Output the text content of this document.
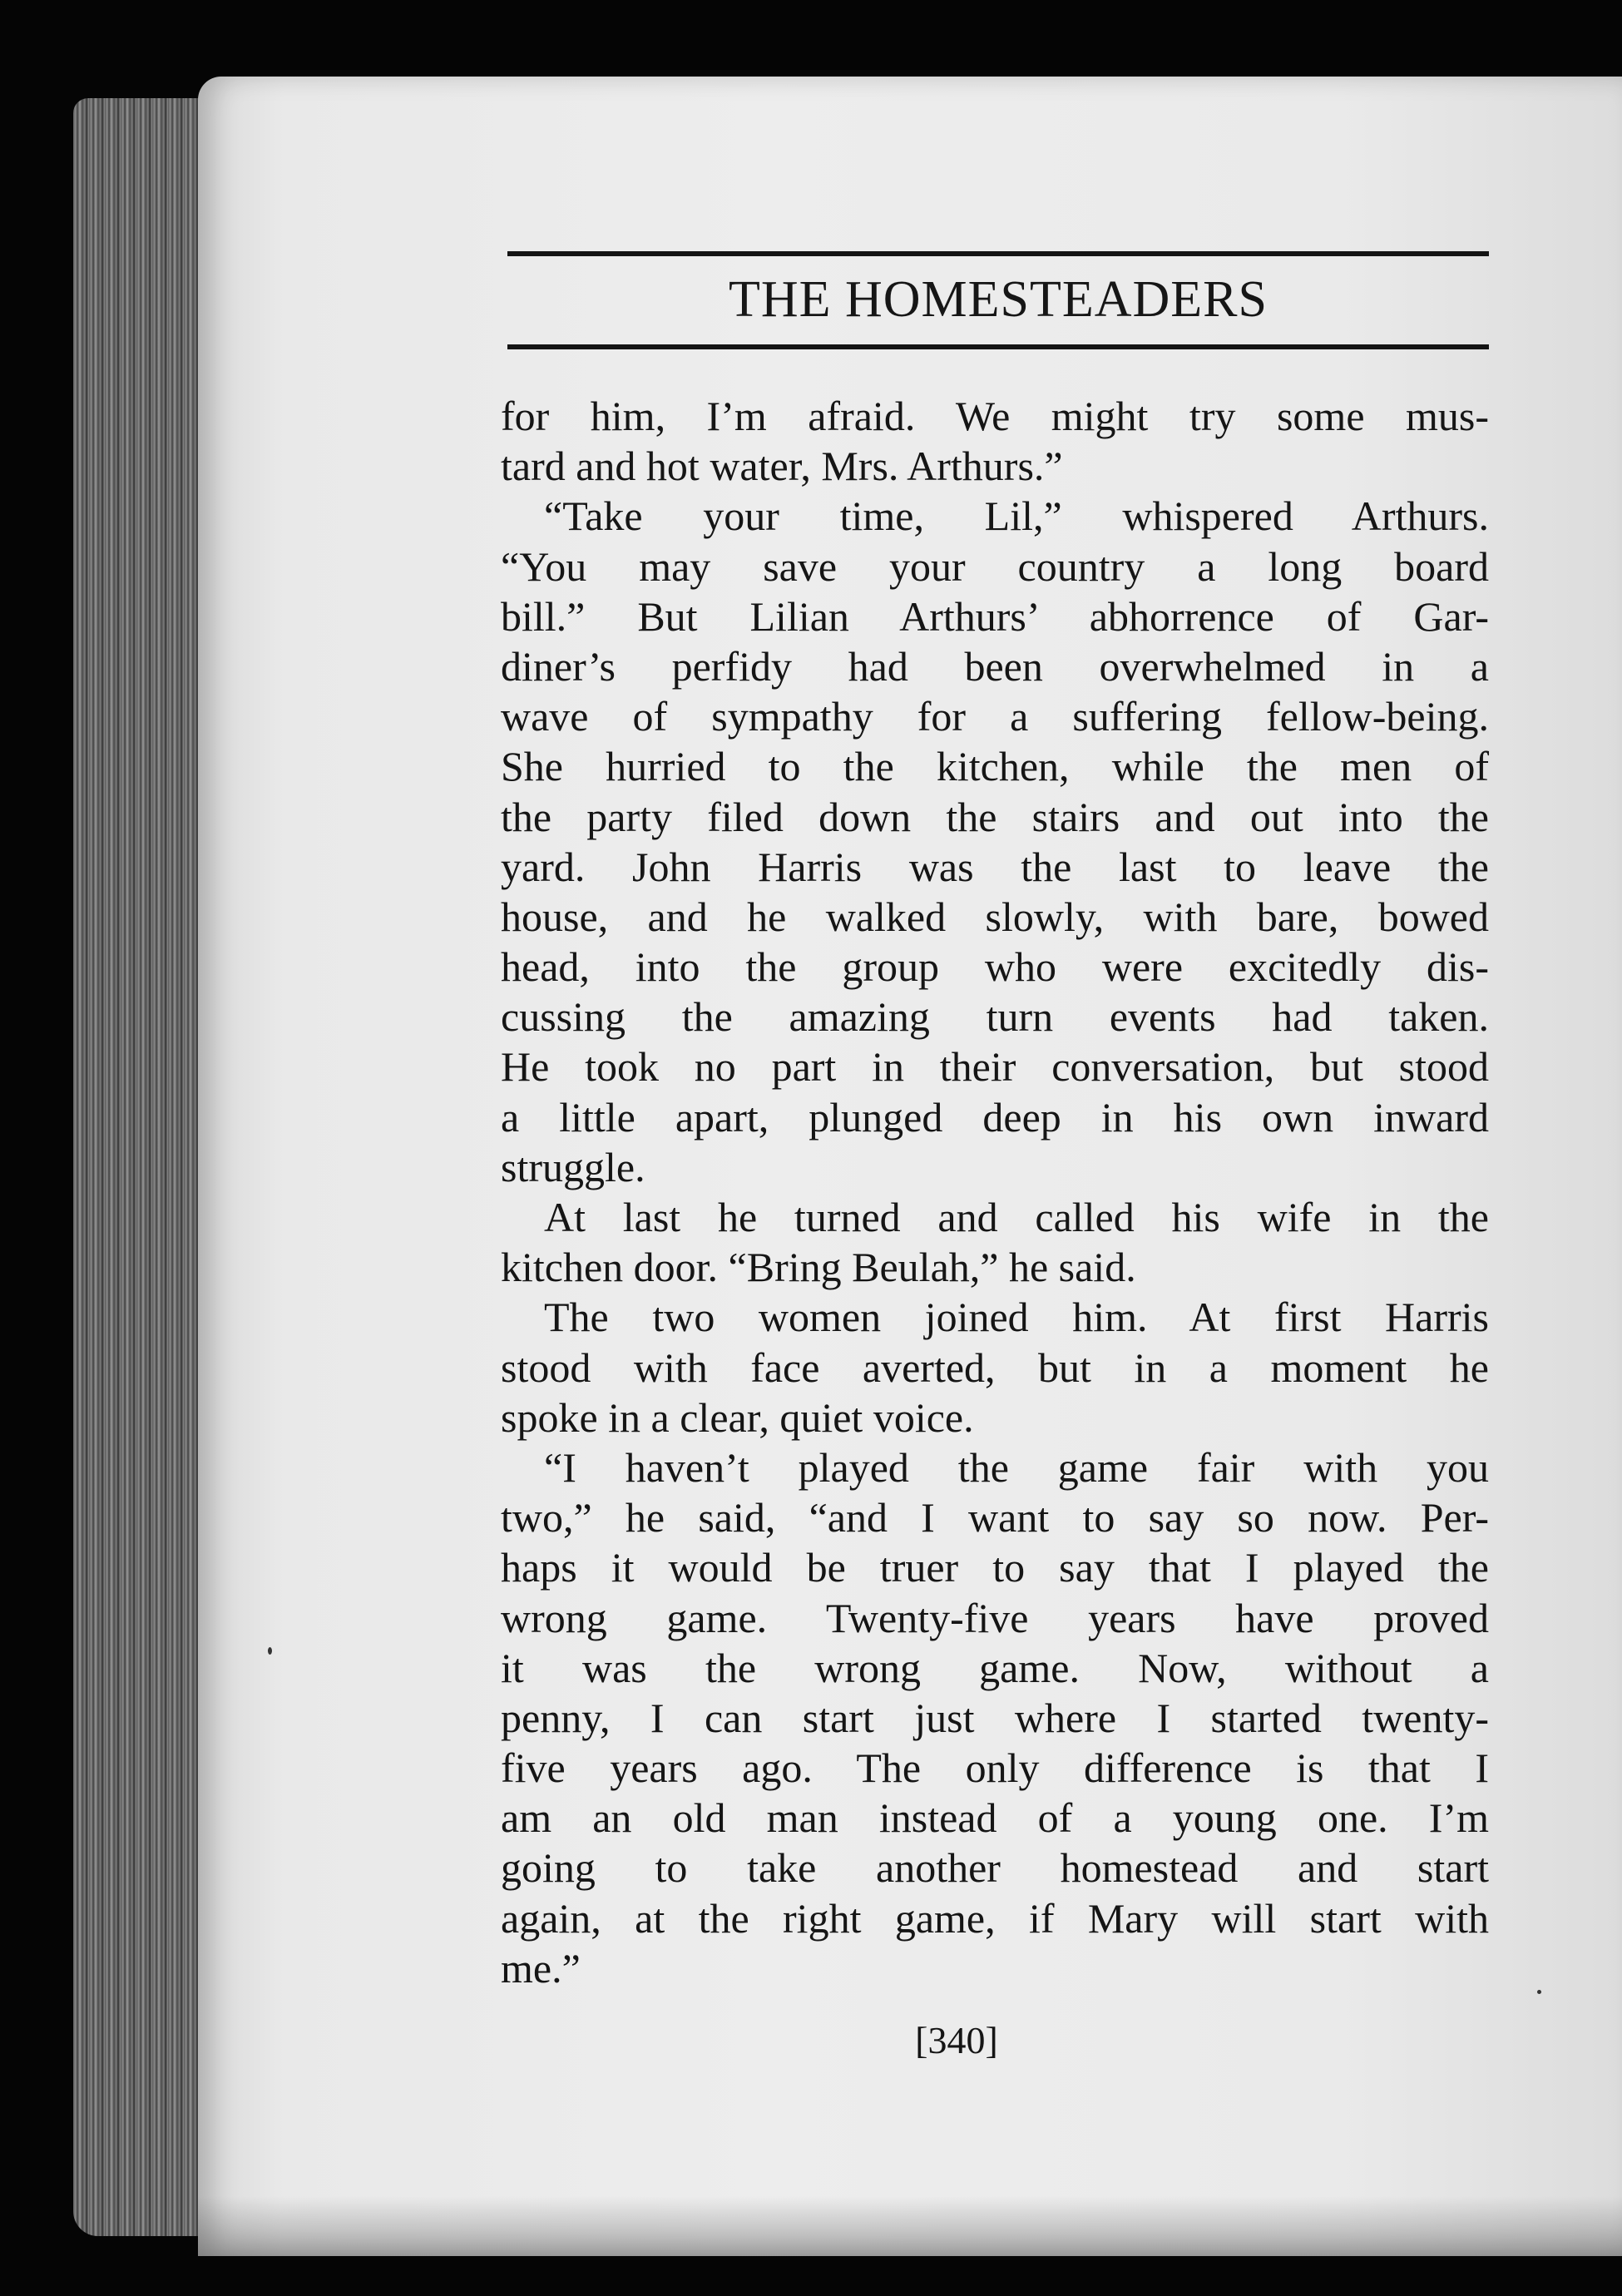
THE HOMESTEADERS
for him, I’m afraid. We might try some mus-
tard and hot water, Mrs. Arthurs.”
“Take your time, Lil,” whispered Arthurs.
“You may save your country a long board
bill.” But Lilian Arthurs’ abhorrence of Gar-
diner’s perfidy had been overwhelmed in a
wave of sympathy for a suffering fellow-being.
She hurried to the kitchen, while the men of
the party filed down the stairs and out into the
yard. John Harris was the last to leave the
house, and he walked slowly, with bare, bowed
head, into the group who were excitedly dis-
cussing the amazing turn events had taken.
He took no part in their conversation, but stood
a little apart, plunged deep in his own inward
struggle.
At last he turned and called his wife in the
kitchen door. “Bring Beulah,” he said.
The two women joined him. At first Harris
stood with face averted, but in a moment he
spoke in a clear, quiet voice.
“I haven’t played the game fair with you
two,” he said, “and I want to say so now. Per-
haps it would be truer to say that I played the
wrong game. Twenty-five years have proved
it was the wrong game. Now, without a
penny, I can start just where I started twenty-
five years ago. The only difference is that I
am an old man instead of a young one. I’m
going to take another homestead and start
again, at the right game, if Mary will start with
me.”
[340]
